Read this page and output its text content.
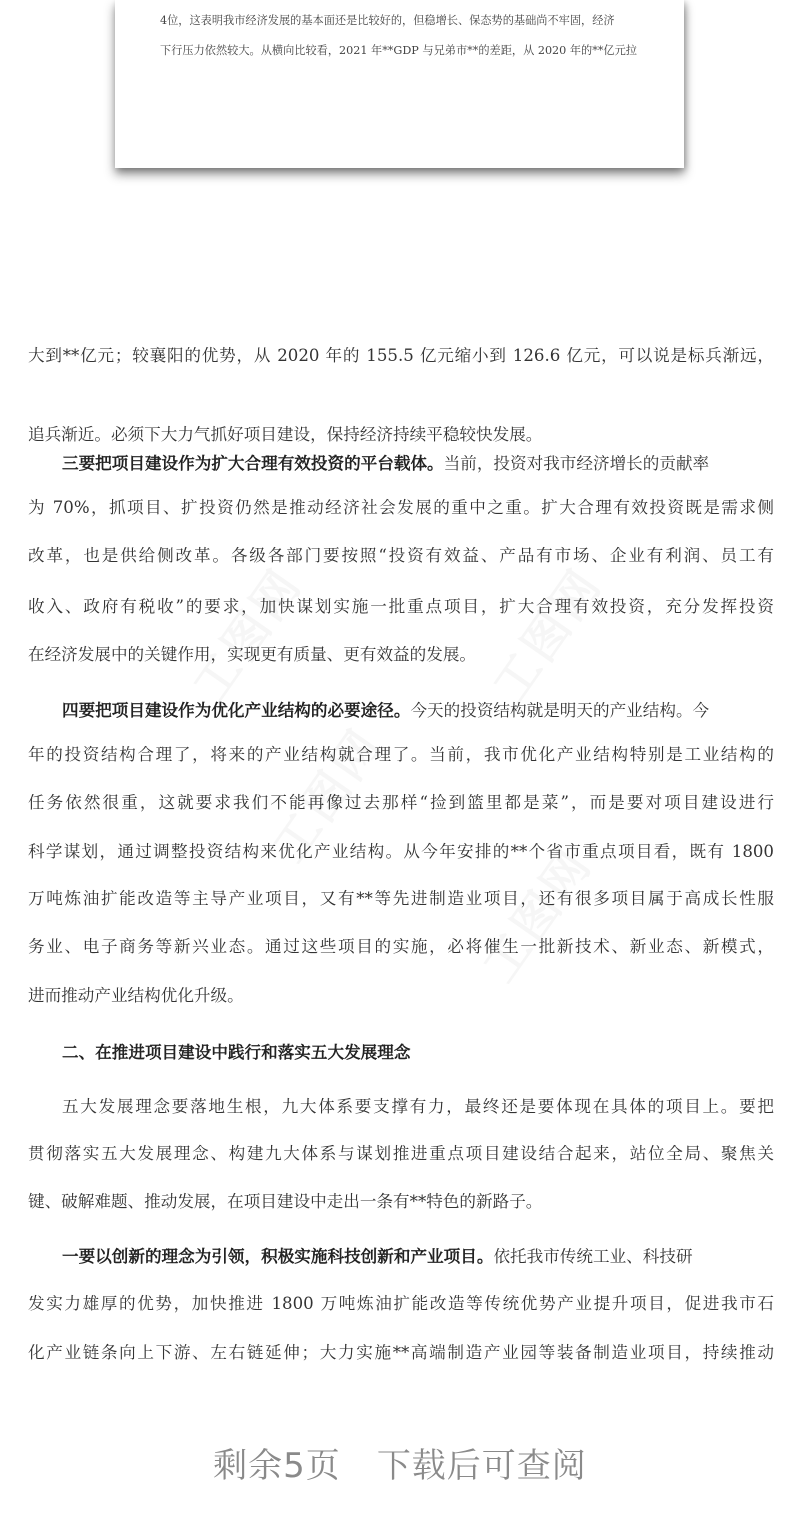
4位，这表明我市经济发展的基本面还是比较好的，但稳增长、保态势的基础尚不牢固，经济
下行压力依然较大。从横向比较看，2021 年**GDP 与兄弟市**的差距，从 2020 年的**亿元拉
大到**亿元；较襄阳的优势，从 2020 年的 155.5 亿元缩小到 126.6 亿元，可以说是标兵渐远，
追兵渐近。必须下大力气抓好项目建设，保持经济持续平稳较快发展。
三要把项目建设作为扩大合理有效投资的平台载体。当前，投资对我市经济增长的贡献率
为 70%，抓项目、扩投资仍然是推动经济社会发展的重中之重。扩大合理有效投资既是需求侧
改革，也是供给侧改革。各级各部门要按照“投资有效益、产品有市场、企业有利润、员工有
收入、政府有税收”的要求，加快谋划实施一批重点项目，扩大合理有效投资，充分发挥投资
在经济发展中的关键作用，实现更有质量、更有效益的发展。
四要把项目建设作为优化产业结构的必要途径。今天的投资结构就是明天的产业结构。今
年的投资结构合理了，将来的产业结构就合理了。当前，我市优化产业结构特别是工业结构的
任务依然很重，这就要求我们不能再像过去那样“捡到篮里都是菜”，而是要对项目建设进行
科学谋划，通过调整投资结构来优化产业结构。从今年安排的**个省市重点项目看，既有 1800
万吨炼油扩能改造等主导产业项目，又有**等先进制造业项目，还有很多项目属于高成长性服
务业、电子商务等新兴业态。通过这些项目的实施，必将催生一批新技术、新业态、新模式，
进而推动产业结构优化升级。
二、在推进项目建设中践行和落实五大发展理念
五大发展理念要落地生根，九大体系要支撑有力，最终还是要体现在具体的项目上。要把
贯彻落实五大发展理念、构建九大体系与谋划推进重点项目建设结合起来，站位全局、聚焦关
键、破解难题、推动发展，在项目建设中走出一条有**特色的新路子。
一要以创新的理念为引领，积极实施科技创新和产业项目。依托我市传统工业、科技研
发实力雄厚的优势，加快推进 1800 万吨炼油扩能改造等传统优势产业提升项目，促进我市石
化产业链条向上下游、左右链延伸；大力实施**高端制造产业园等装备制造业项目，持续推动
剩余5页 下载后可查阅
